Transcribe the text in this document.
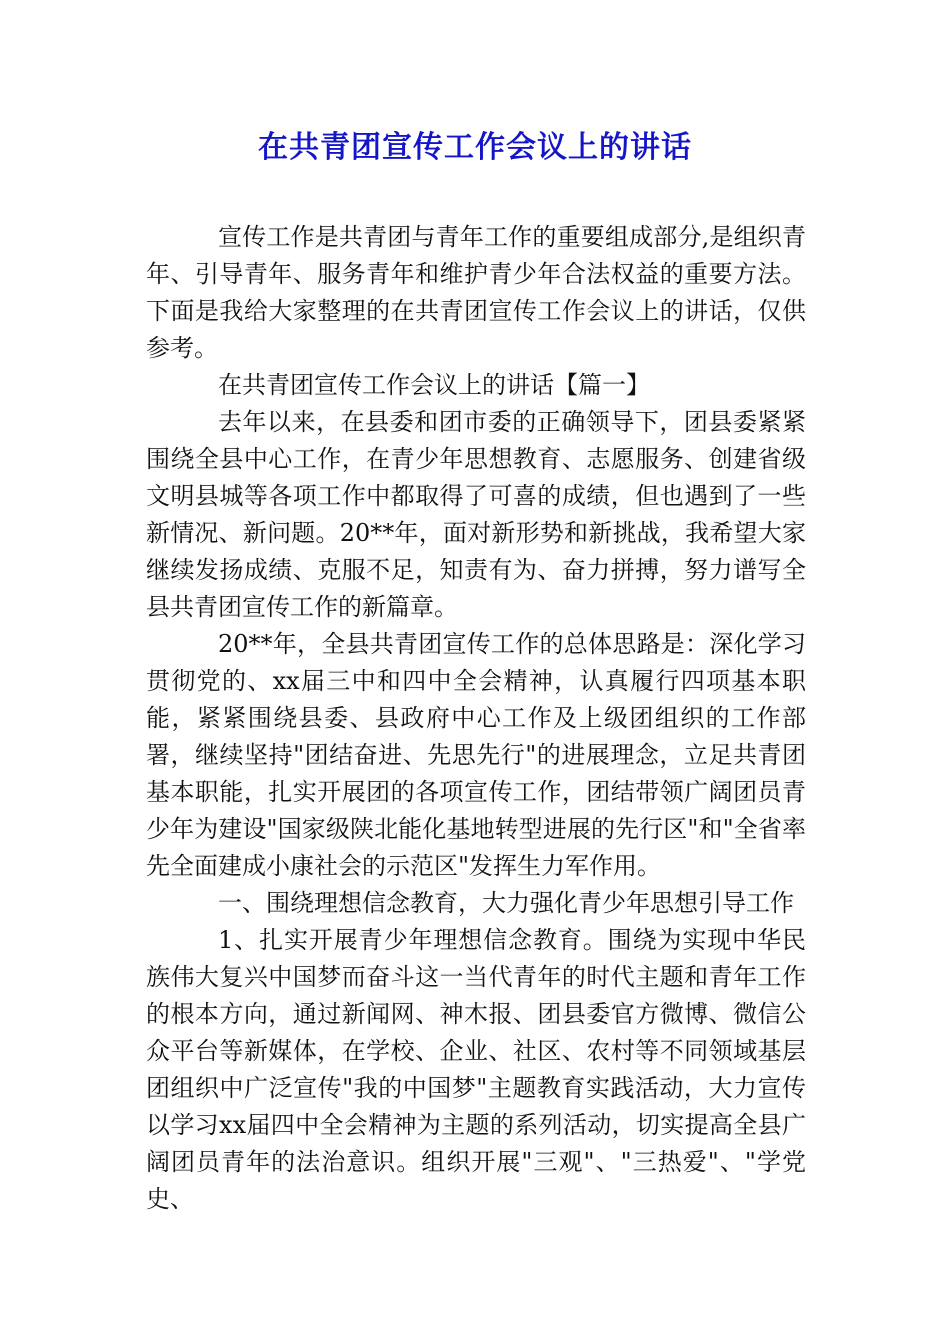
在共青团宣传工作会议上的讲话

宣传工作是共青团与青年工作的重要组成部分,是组织青年、引导青年、服务青年和维护青少年合法权益的重要方法。下面是我给大家整理的在共青团宣传工作会议上的讲话，仅供参考。

在共青团宣传工作会议上的讲话【篇一】

去年以来，在县委和团市委的正确领导下，团县委紧紧围绕全县中心工作，在青少年思想教育、志愿服务、创建省级文明县城等各项工作中都取得了可喜的成绩，但也遇到了一些新情况、新问题。20**年，面对新形势和新挑战，我希望大家继续发扬成绩、克服不足，知责有为、奋力拼搏，努力谱写全县共青团宣传工作的新篇章。

20**年，全县共青团宣传工作的总体思路是：深化学习贯彻党的、xx届三中和四中全会精神，认真履行四项基本职能，紧紧围绕县委、县政府中心工作及上级团组织的工作部署，继续坚持"团结奋进、先思先行"的进展理念，立足共青团基本职能，扎实开展团的各项宣传工作，团结带领广阔团员青少年为建设"国家级陕北能化基地转型进展的先行区"和"全省率先全面建成小康社会的示范区"发挥生力军作用。

一、围绕理想信念教育，大力强化青少年思想引导工作

1、扎实开展青少年理想信念教育。围绕为实现中华民族伟大复兴中国梦而奋斗这一当代青年的时代主题和青年工作的根本方向，通过新闻网、神木报、团县委官方微博、微信公众平台等新媒体，在学校、企业、社区、农村等不同领域基层团组织中广泛宣传"我的中国梦"主题教育实践活动，大力宣传以学习xx届四中全会精神为主题的系列活动，切实提高全县广阔团员青年的法治意识。组织开展"三观"、"三热爱"、"学党史、
